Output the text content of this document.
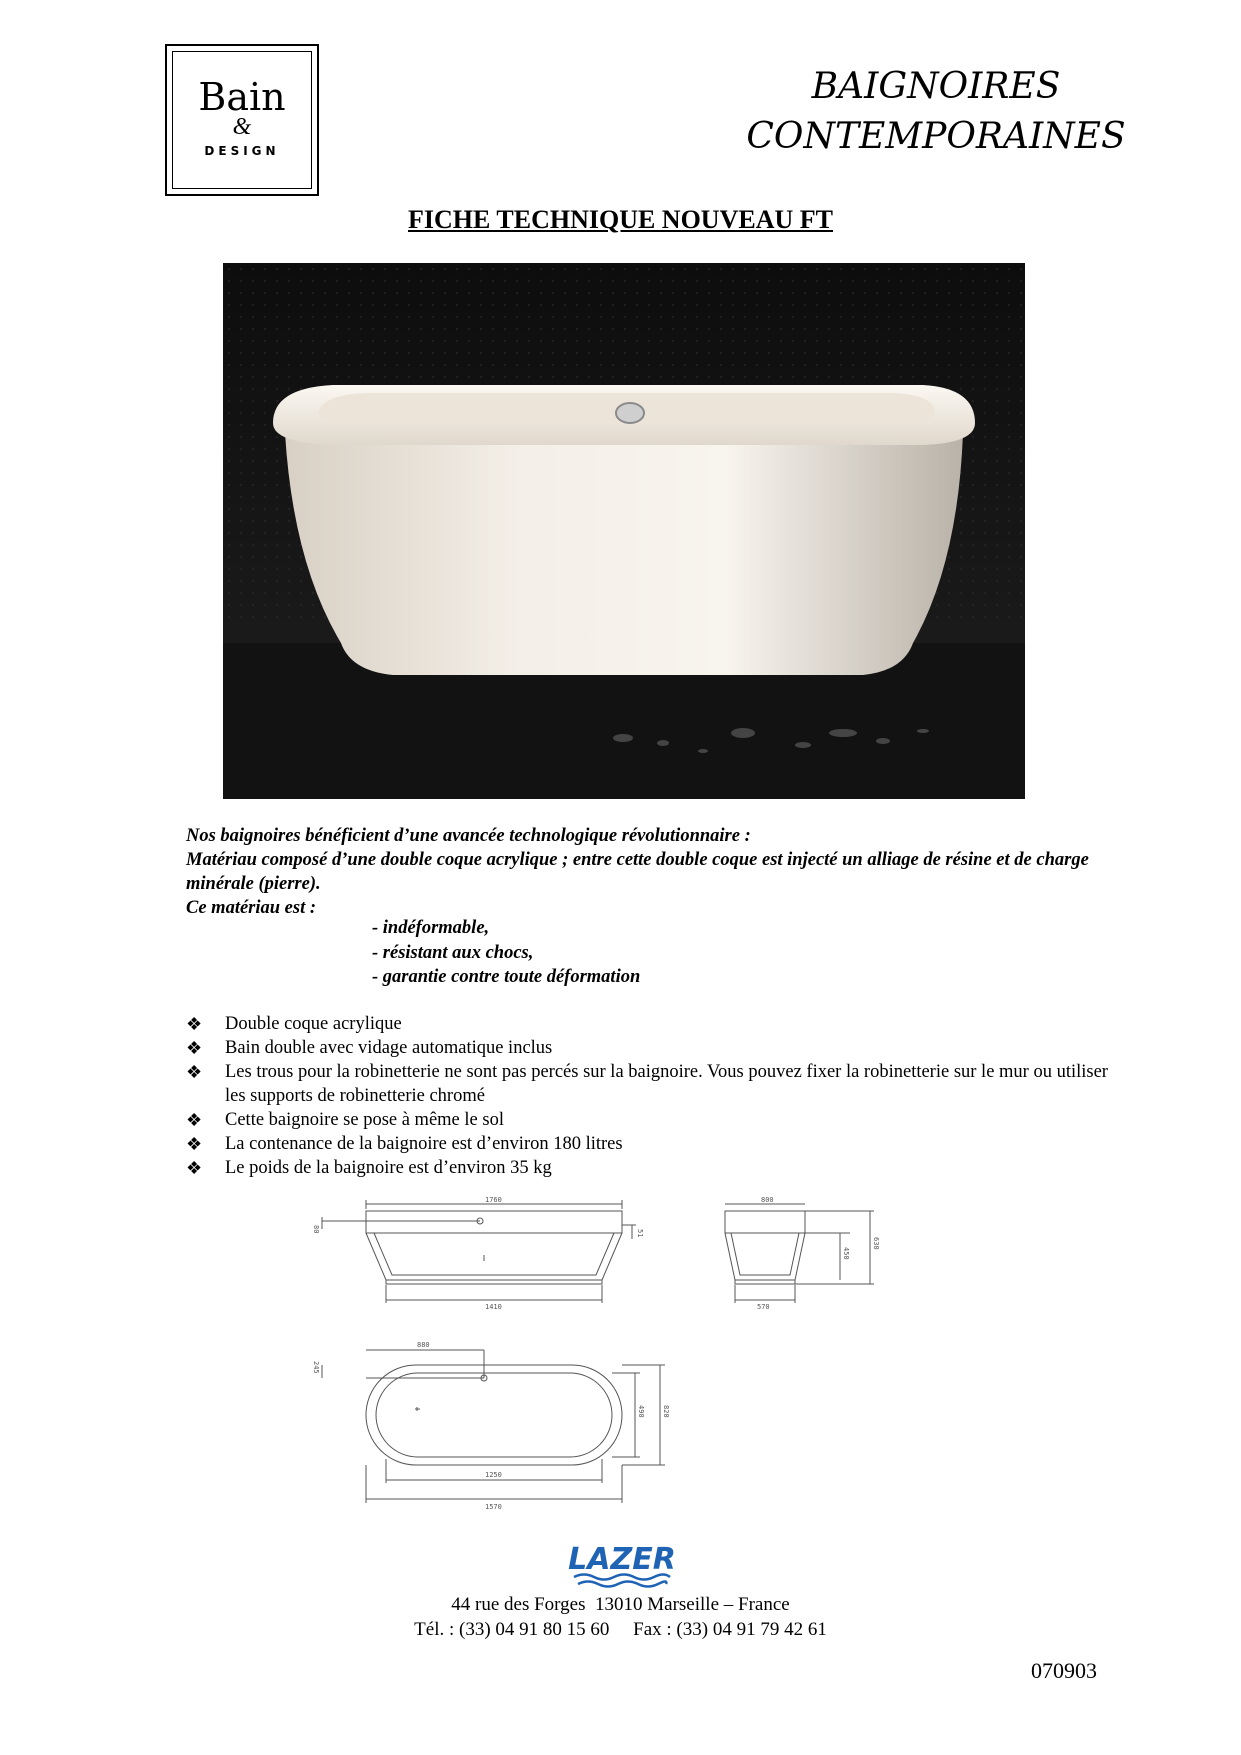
Bain
&
DESIGN
BAIGNOIRES
CONTEMPORAINES
FICHE TECHNIQUE NOUVEAU FT

Nos baignoires bénéficient d’une avancée technologique révolutionnaire :

Matériau composé d’une double coque acrylique ; entre cette double coque est injecté un alliage de résine et de charge minérale (pierre).

Ce matériau est :

- indéformable,
- résistant aux chocs,
- garantie contre toute déformation
❖ Double coque acrylique
❖ Bain double avec vidage automatique inclus
❖ Les trous pour la robinetterie ne sont pas percés sur la baignoire. Vous pouvez fixer la robinetterie sur le mur ou utiliser les supports de robinetterie chromé
❖ Cette baignoire se pose à même le sol
❖ La contenance de la baignoire est d’environ 180 litres
❖ Le poids de la baignoire est d’environ 35 kg
1760
1410
80	51
800
570
450
630
880
245
490 820
1250
1570
LAZER
44 rue des Forges  13010 Marseille – France
Tél. : (33) 04 91 80 15 60     Fax : (33) 04 91 79 42 61
070903
